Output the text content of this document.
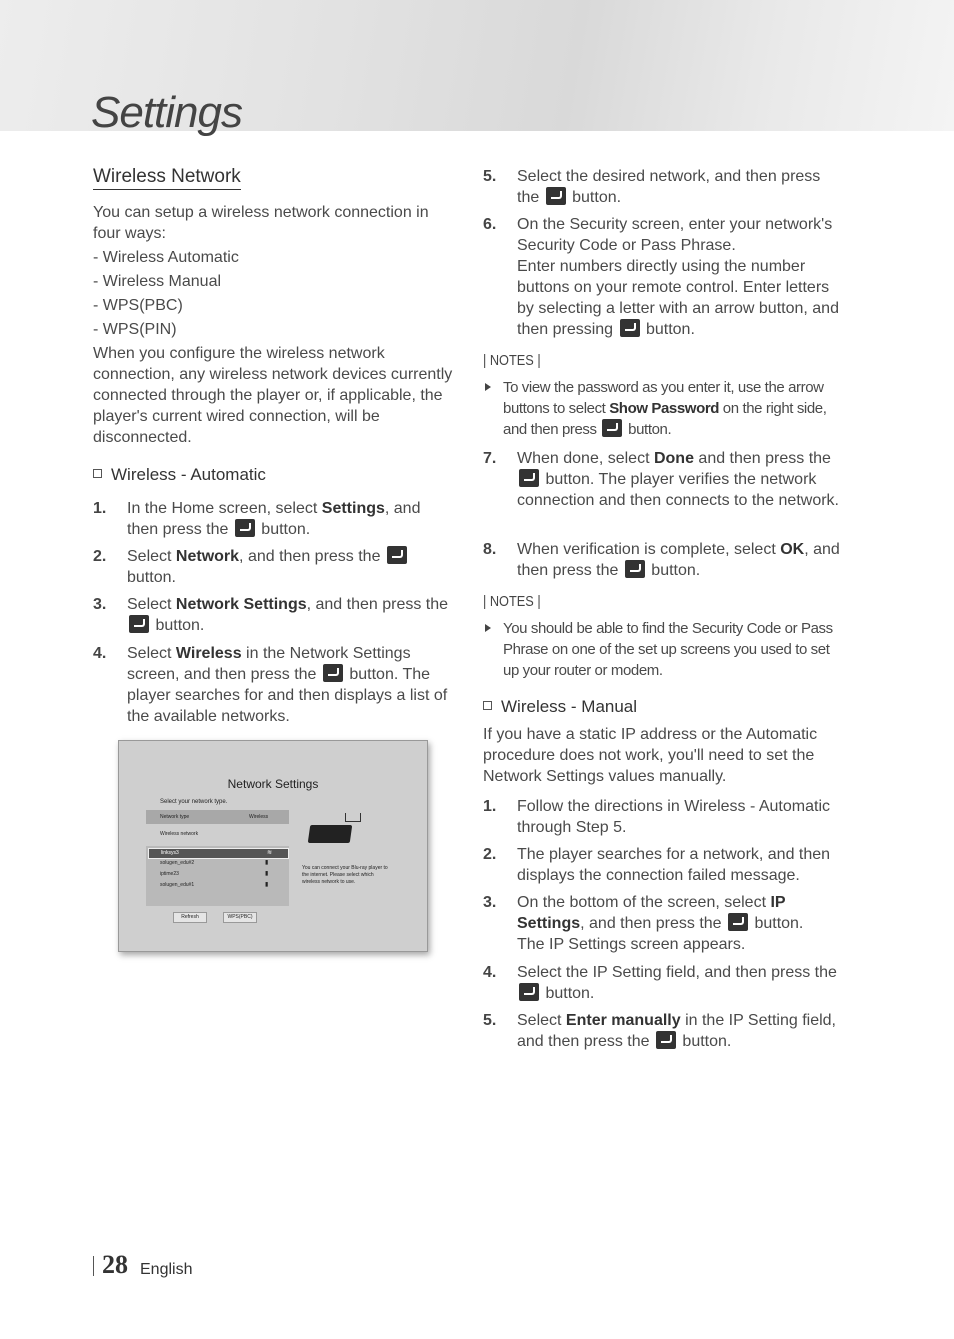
Settings
Wireless Network
You can setup a wireless network connection in four ways:
- Wireless Automatic
- Wireless Manual
- WPS(PBC)
- WPS(PIN)
When you configure the wireless network connection, any wireless network devices currently connected through the player or, if applicable, the player's current wired connection, will be disconnected.
Wireless - Automatic
1. In the Home screen, select Settings, and then press the  button.
2. Select Network, and then press the  button.
3. Select Network Settings, and then press the  button.
4. Select Wireless in the Network Settings screen, and then press the  button. The player searches for and then displays a list of the available networks.
Network Settings
Select your network type.
Network type	Wireless
Wireless network
linksys3	≋
solugen_edu#2
iptime23
solugen_edu#1
▮
▮
▮
You can connect your Blu-ray player to the internet. Please select which wireless network to use.
Refresh	WPS(PBC)
5. Select the desired network, and then press the  button.
6. On the Security screen, enter your network's Security Code or Pass Phrase.
Enter numbers directly using the number buttons on your remote control. Enter letters by selecting a letter with an arrow button, and then pressing  button.
| NOTES |
To view the password as you enter it, use the arrow buttons to select Show Password on the right side, and then press  button.
7. When done, select Done and then press the  button. The player verifies the network connection and then connects to the network.
8. When verification is complete, select OK, and then press the  button.
| NOTES |
You should be able to find the Security Code or Pass Phrase on one of the set up screens you used to set up your router or modem.
Wireless - Manual
If you have a static IP address or the Automatic procedure does not work, you'll need to set the Network Settings values manually.
1. Follow the directions in Wireless - Automatic through Step 5.
2. The player searches for a network, and then displays the connection failed message.
3. On the bottom of the screen, select IP Settings, and then press the  button.
The IP Settings screen appears.
4. Select the IP Setting field, and then press the  button.
5. Select Enter manually in the IP Setting field, and then press the  button.
28 English
